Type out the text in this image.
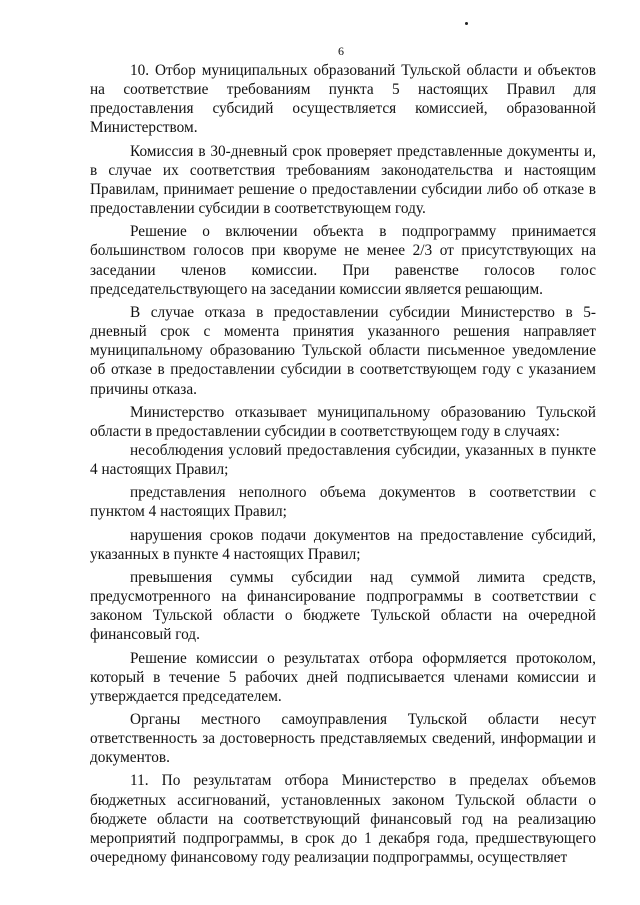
6

10. Отбор муниципальных образований Тульской области и объектов на соответствие требованиям пункта 5 настоящих Правил для предоставления субсидий осуществляется комиссией, образованной Министерством.

Комиссия в 30-дневный срок проверяет представленные документы и, в случае их соответствия требованиям законодательства и настоящим Правилам, принимает решение о предоставлении субсидии либо об отказе в предоставлении субсидии в соответствующем году.

Решение о включении объекта в подпрограмму принимается большинством голосов при кворуме не менее 2/3 от присутствующих на заседании членов комиссии. При равенстве голосов голос председательствующего на заседании комиссии является решающим.

В случае отказа в предоставлении субсидии Министерство в 5-дневный срок с момента принятия указанного решения направляет муниципальному образованию Тульской области письменное уведомление об отказе в предоставлении субсидии в соответствующем году с указанием причины отказа.

Министерство отказывает муниципальному образованию Тульской области в предоставлении субсидии в соответствующем году в случаях:

несоблюдения условий предоставления субсидии, указанных в пункте 4 настоящих Правил;

представления неполного объема документов в соответствии с пунктом 4 настоящих Правил;

нарушения сроков подачи документов на предоставление субсидий, указанных в пункте 4 настоящих Правил;

превышения суммы субсидии над суммой лимита средств, предусмотренного на финансирование подпрограммы в соответствии с законом Тульской области о бюджете Тульской области на очередной финансовый год.

Решение комиссии о результатах отбора оформляется протоколом, который в течение 5 рабочих дней подписывается членами комиссии и утверждается председателем.

Органы местного самоуправления Тульской области несут ответственность за достоверность представляемых сведений, информации и документов.

11. По результатам отбора Министерство в пределах объемов бюджетных ассигнований, установленных законом Тульской области о бюджете области на соответствующий финансовый год на реализацию мероприятий подпрограммы, в срок до 1 декабря года, предшествующего очередному финансовому году реализации подпрограммы, осуществляет
